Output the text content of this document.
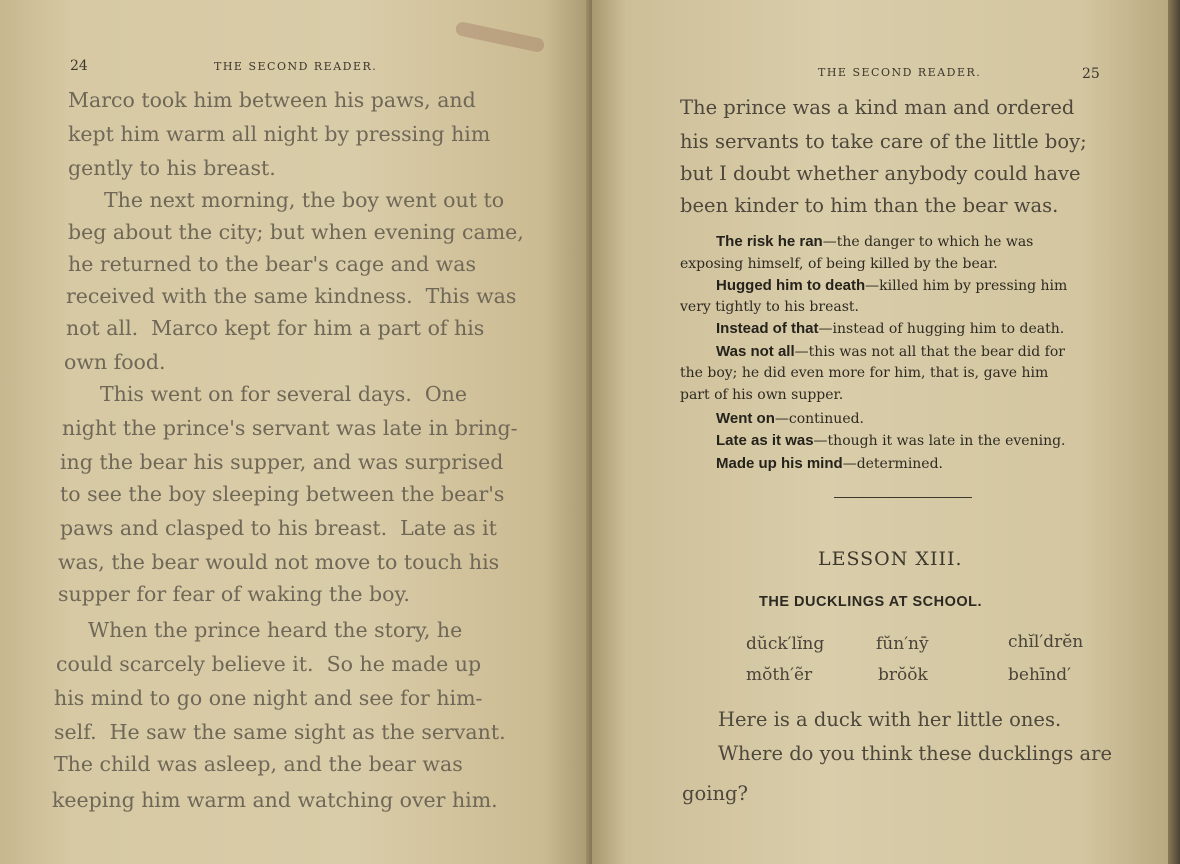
24	THE SECOND READER.
Marco took him between his paws, and
kept him warm all night by pressing him
gently to his breast.
The next morning, the boy went out to
beg about the city; but when evening came,
he returned to the bear's cage and was
received with the same kindness.  This was
not all.  Marco kept for him a part of his
own food.
This went on for several days.  One
night the prince's servant was late in bring-
ing the bear his supper, and was surprised
to see the boy sleeping between the bear's
paws and clasped to his breast.  Late as it
was, the bear would not move to touch his
supper for fear of waking the boy.
When the prince heard the story, he
could scarcely believe it.  So he made up
his mind to go one night and see for him-
self.  He saw the same sight as the servant.
The child was asleep, and the bear was
keeping him warm and watching over him.
THE SECOND READER.	25
The prince was a kind man and ordered
his servants to take care of the little boy;
but I doubt whether anybody could have
been kinder to him than the bear was.
The risk he ran—the danger to which he was
exposing himself, of being killed by the bear.
Hugged him to death—killed him by pressing him
very tightly to his breast.
Instead of that—instead of hugging him to death.
Was not all—this was not all that the bear did for
the boy; he did even more for him, that is, gave him
part of his own supper.
Went on—continued.
Late as it was—though it was late in the evening.
Made up his mind—determined.
LESSON XIII.
THE DUCKLINGS AT SCHOOL.
dŭck′lĭng	fŭn′nȳ	chĭl′drĕn
mŏth′ẽr	brŏŏk	behīnd′
Here is a duck with her little ones.
Where do you think these ducklings are
going?
